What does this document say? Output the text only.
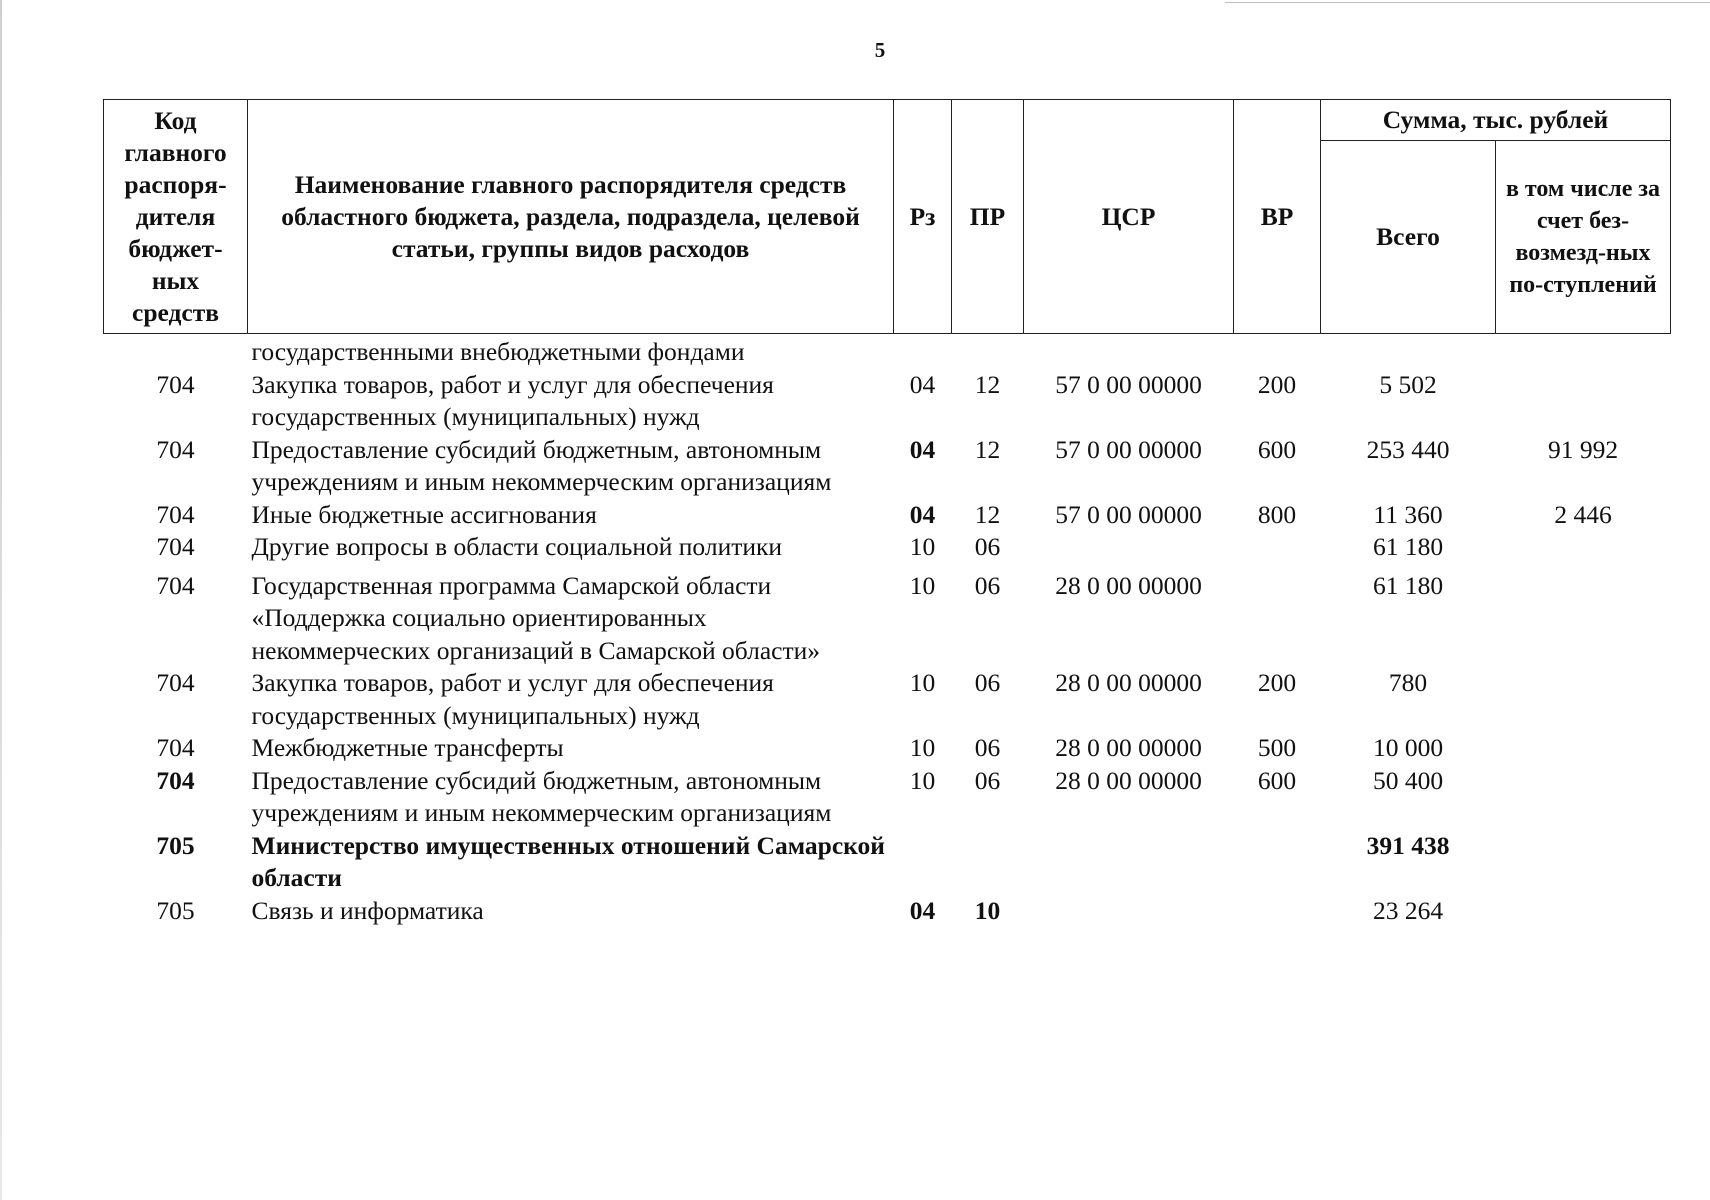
5
Код главного распоря-дителя бюджет-ных средств	Наименование главного распорядителя средств областного бюджета, раздела, подраздела, целевой статьи, группы видов расходов	Рз	ПР	ЦСР	ВР	Сумма, тыс. рублей	
						Всего	в том числе за счет без-возмезд-ных по-ступлений
	государственными внебюджетными фондами						
704	Закупка товаров, работ и услуг для обеспечения государственных (муниципальных) нужд	04	12	57 0 00 00000	200	5 502	
704	Предоставление субсидий бюджетным, автономным учреждениям и иным некоммерческим организациям	04	12	57 0 00 00000	600	253 440	91 992
704	Иные бюджетные ассигнования	04	12	57 0 00 00000	800	11 360	2 446
704	Другие вопросы в области социальной политики	10	06			61 180	
704	Государственная программа Самарской области «Поддержка социально ориентированных некоммерческих организаций в Самарской области»	10	06	28 0 00 00000		61 180	
704	Закупка товаров, работ и услуг для обеспечения государственных (муниципальных) нужд	10	06	28 0 00 00000	200	780	
704	Межбюджетные трансферты	10	06	28 0 00 00000	500	10 000	
704	Предоставление субсидий бюджетным, автономным учреждениям и иным некоммерческим организациям	10	06	28 0 00 00000	600	50 400	
705	Министерство имущественных отношений Самарской области					391 438	
705	Связь и информатика	04	10			23 264	
